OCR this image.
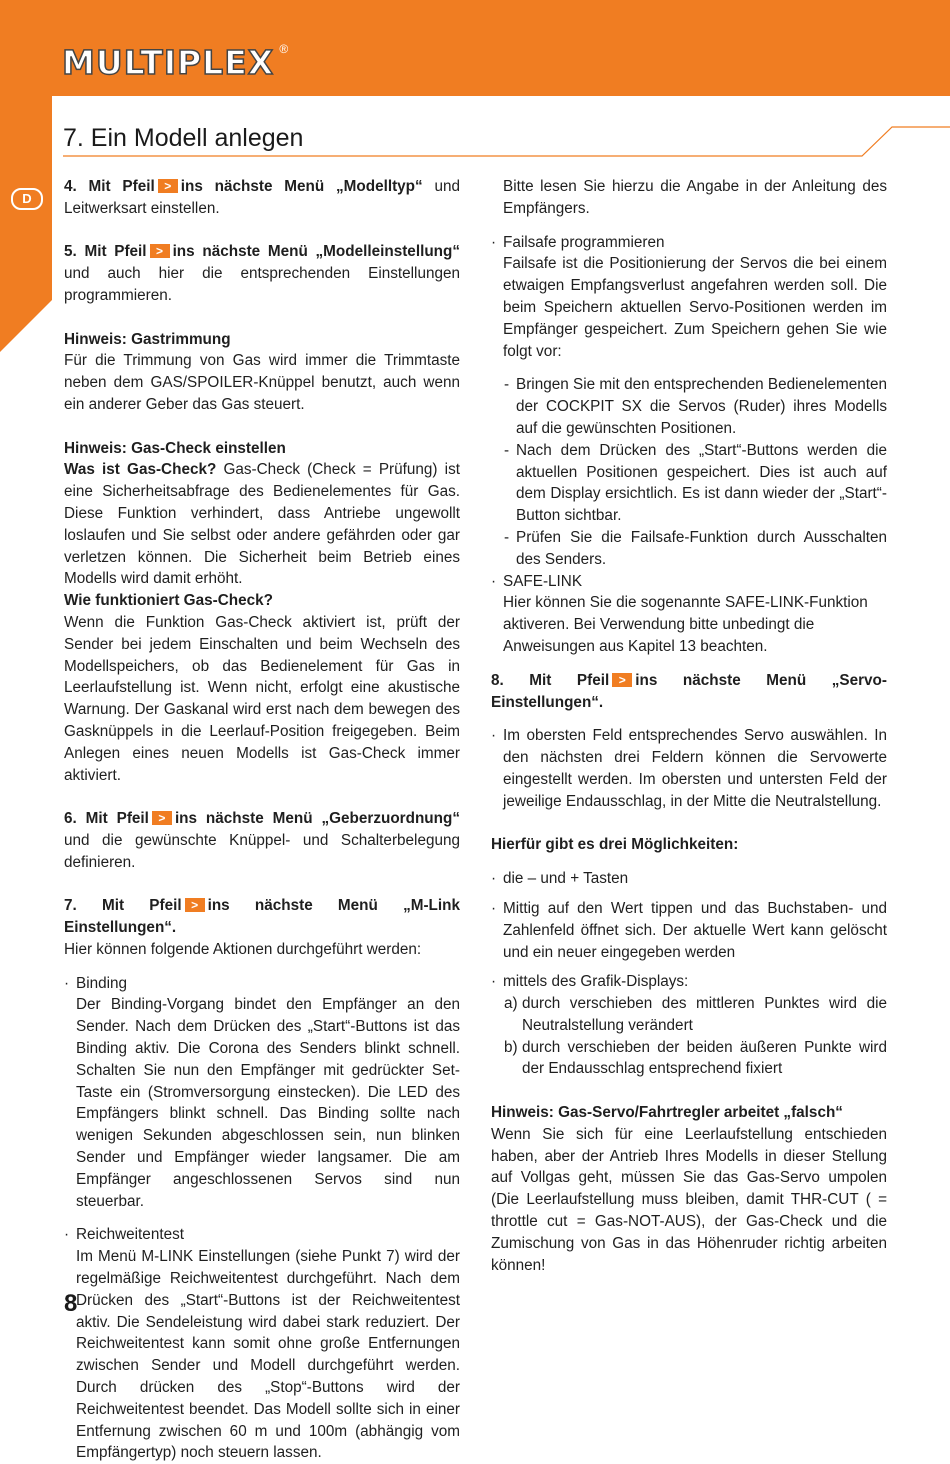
MULTIPLEX ®
D
7. Ein Modell anlegen

4. Mit Pfeil > ins nächste Menü „Modelltyp“ und Leitwerksart einstellen.

5. Mit Pfeil > ins nächste Menü „Modelleinstellung“ und auch hier die entsprechenden Einstellungen programmieren.

Hinweis: Gastrimmung

Für die Trimmung von Gas wird immer die Trimmtaste neben dem GAS/SPOILER-Knüppel benutzt, auch wenn ein anderer Geber das Gas steuert.

Hinweis: Gas-Check einstellen

Was ist Gas-Check? Gas-Check (Check = Prüfung) ist eine Sicherheitsabfrage des Bedienelementes für Gas. Diese Funktion verhindert, dass Antriebe ungewollt loslaufen und Sie selbst oder andere gefährden oder gar verletzen können. Die Sicherheit beim Betrieb eines Modells wird damit erhöht.

Wie funktioniert Gas-Check?

Wenn die Funktion Gas-Check aktiviert ist, prüft der Sender bei jedem Einschalten und beim Wechseln des Modellspeichers, ob das Bedienelement für Gas in Leerlaufstellung ist. Wenn nicht, erfolgt eine akustische Warnung. Der Gaskanal wird erst nach dem bewegen des Gasknüppels in die Leerlauf-Position freigegeben. Beim Anlegen eines neuen Modells ist Gas-Check immer aktiviert.

6. Mit Pfeil > ins nächste Menü „Geberzuordnung“ und die gewünschte Knüppel- und Schalterbelegung definieren.

7. Mit Pfeil > ins nächste Menü „M-Link Einstellungen“.

Hier können folgende Aktionen durchgeführt werden:

· Binding

Der Binding-Vorgang bindet den Empfänger an den Sender. Nach dem Drücken des „Start“-Buttons ist das Binding aktiv. Die Corona des Senders blinkt schnell. Schalten Sie nun den Empfänger mit gedrückter Set-Taste ein (Stromversorgung einstecken). Die LED des Empfängers blinkt schnell. Das Binding sollte nach wenigen Sekunden abgeschlossen sein, nun blinken Sender und Empfänger wieder langsamer. Die am Empfänger angeschlossenen Servos sind nun steuerbar.

· Reichweitentest

Im Menü M-LINK Einstellungen (siehe Punkt 7) wird der regelmäßige Reichweitentest durchgeführt. Nach dem Drücken des „Start“-Buttons ist der Reichweitentest aktiv. Die Sendeleistung wird dabei stark reduziert. Der Reichweitentest kann somit ohne große Entfernungen zwischen Sender und Modell durchgeführt werden. Durch drücken des „Stop“-Buttons wird der Reichweitentest beendet. Das Modell sollte sich in einer Entfernung zwischen 60 m und 100m (abhängig vom Empfängertyp) noch steuern lassen.

Bitte lesen Sie hierzu die Angabe in der Anleitung des Empfängers.

· Failsafe programmieren

Failsafe ist die Positionierung der Servos die bei einem etwaigen Empfangsverlust angefahren werden soll. Die beim Speichern aktuellen Servo-Positionen werden im Empfänger gespeichert. Zum Speichern gehen Sie wie folgt vor:

- Bringen Sie mit den entsprechenden Bedienelementen der COCKPIT SX die Servos (Ruder) ihres Modells auf die gewünschten Positionen.

- Nach dem Drücken des „Start“-Buttons werden die aktuellen Positionen gespeichert. Dies ist auch auf dem Display ersichtlich. Es ist dann wieder der „Start“-Button sichtbar.

- Prüfen Sie die Failsafe-Funktion durch Ausschalten des Senders.

· SAFE-LINK

Hier können Sie die sogenannte SAFE-LINK-Funktion aktiveren. Bei Verwendung bitte unbedingt die Anweisungen aus Kapitel 13 beachten.

8. Mit Pfeil > ins nächste Menü „Servo-Einstellungen“.

· Im obersten Feld entsprechendes Servo auswählen. In den nächsten drei Feldern können die Servowerte eingestellt werden. Im obersten und untersten Feld der jeweilige Endausschlag, in der Mitte die Neutralstellung.

Hierfür gibt es drei Möglichkeiten:

· die – und + Tasten

· Mittig auf den Wert tippen und das Buchstaben- und Zahlenfeld öffnet sich. Der aktuelle Wert kann gelöscht und ein neuer eingegeben werden

· mittels des Grafik-Displays:

a) durch verschieben des mittleren Punktes wird die Neutralstellung verändert

b) durch verschieben der beiden äußeren Punkte wird der Endausschlag entsprechend fixiert

Hinweis: Gas-Servo/Fahrtregler arbeitet „falsch“

Wenn Sie sich für eine Leerlaufstellung entschieden haben, aber der Antrieb Ihres Modells in dieser Stellung auf Vollgas geht, müssen Sie das Gas-Servo umpolen (Die Leerlaufstellung muss bleiben, damit THR-CUT ( = throttle cut = Gas-NOT-AUS), der Gas-Check und die Zumischung von Gas in das Höhenruder richtig arbeiten können!

8
